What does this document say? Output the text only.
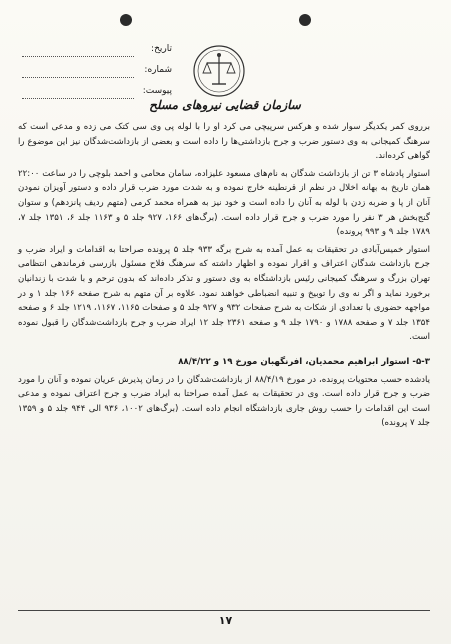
تاریخ:
شماره:
پیوست:
سازمان قضایی نیروهای مسلح

برروی کمر یکدیگر سوار شده و هرکس سرپیچی می کرد او را با لوله پی وی سی کتک می زده و مدعی است که سرهنگ کمیجانی به وی دستور ضرب و جرح بازداشتی‌ها را داده است و بعضی از بازداشت‌شدگان نیز این موضوع را گواهی کرده‌اند.

استوار پادشاه ۳ تن از بازداشت شدگان به نام‌های مسعود علیزاده، سامان محامی و احمد بلوچی را در ساعت ۲۲:۰۰ همان تاریخ به بهانه اخلال در نظم از قرنطینه خارج نموده و به شدت مورد ضرب قرار داده و دستور آویزان نمودن آنان از پا و ضربه زدن با لوله به آنان را داده است و خود نیز به همراه محمد کرمی (متهم ردیف پانزدهم) و ستوان گنج‌بخش هر ۳ نفر را مورد ضرب و جرح قرار داده است. (برگ‌های ۱۶۶، ۹۲۷ جلد ۵ و ۱۱۶۳ جلد ۶، ۱۳۵۱ جلد ۷، ۱۷۸۹ جلد ۹ و ۹۹۳ پرونده)

استوار خمیس‌آبادی در تحقیقات به عمل آمده به شرح برگه ۹۳۳ جلد ۵ پرونده صراحتا به اقدامات و ایراد ضرب و جرح بازداشت شدگان اعتراف و اقرار نموده و اظهار داشته که سرهنگ فلاح مسئول بازرسی فرماندهی انتظامی تهران بزرگ و سرهنگ کمیجانی رئیس بازداشتگاه به وی دستور و تذکر داده‌اند که بدون ترحم و با شدت با زندانیان برخورد نماید و اگر نه وی را توبیخ و تنبیه انضباطی خواهند نمود. علاوه بر آن متهم به شرح صفحه ۱۶۶ جلد ۱ و در مواجهه حضوری با تعدادی از شکات به شرح صفحات ۹۳۲ و ۹۲۷ جلد ۵ و صفحات ۱۱۶۵، ۱۱۶۷، ۱۲۱۹ جلد ۶ و صفحه ۱۳۵۴ جلد ۷ و صفحه ۱۷۸۸ و ۱۷۹۰ جلد ۹ و صفحه ۲۳۶۱ جلد ۱۲ ایراد ضرب و جرح بازداشت‌شدگان را قبول نموده است.

۵-۳- استوار ابراهیم محمدیان، افرنگهبان مورخ ۱۹ و ۸۸/۴/۲۲

یادشده حسب محتویات پرونده، در مورخ ۸۸/۴/۱۹ از بازداشت‌شدگان را در زمان پذیرش عریان نموده و آنان را مورد ضرب و جرح قرار داده است. وی در تحقیقات به عمل آمده صراحتا به ایراد ضرب و جرح اعتراف نموده و مدعی است این اقدامات را حسب روش جاری بازداشتگاه انجام داده است. (برگ‌های ۱۰۰۲، ۹۳۶ الی ۹۴۴ جلد ۵ و ۱۳۵۹ جلد ۷ پرونده)

۱۷
